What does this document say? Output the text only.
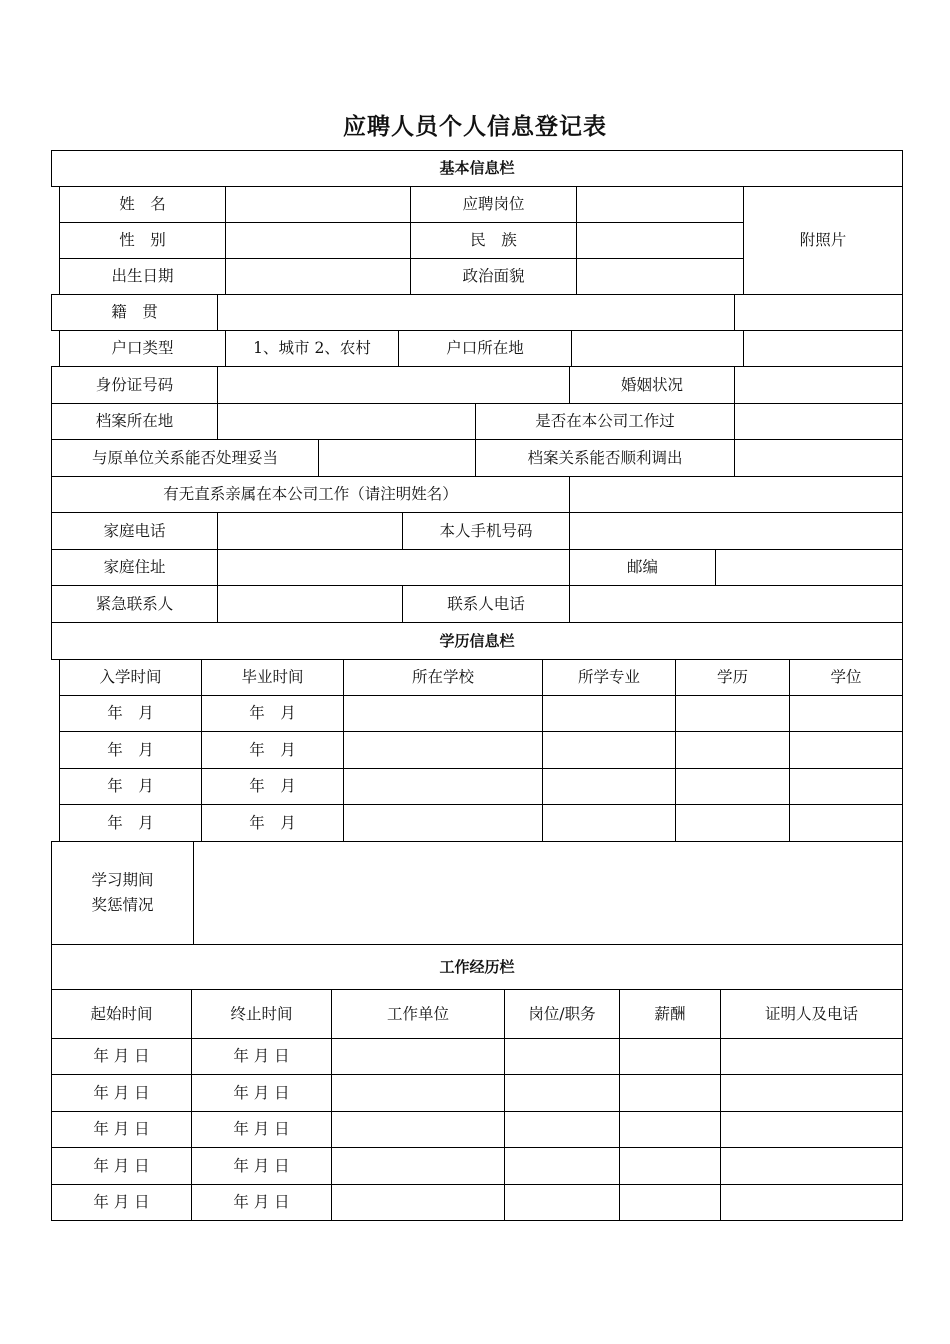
应聘人员个人信息登记表
基本信息栏
姓　名	应聘岗位
附照片
性　别	民　族
出生日期	政治面貌
籍　贯
户口类型	1、城市 2、农村	户口所在地
身份证号码	婚姻状况
档案所在地	是否在本公司工作过
与原单位关系能否处理妥当	档案关系能否顺利调出
有无直系亲属在本公司工作（请注明姓名）
家庭电话	本人手机号码
家庭住址	邮编
紧急联系人	联系人电话
学历信息栏
入学时间	毕业时间	所在学校	所学专业	学历	学位
年　月	年　月
年　月	年　月
年　月	年　月
年　月	年　月
学习期间
奖惩情况
工作经历栏
起始时间	终止时间	工作单位	岗位/职务	薪酬	证明人及电话
年 月 日	年 月 日
年 月 日	年 月 日
年 月 日	年 月 日
年 月 日	年 月 日
年 月 日	年 月 日
